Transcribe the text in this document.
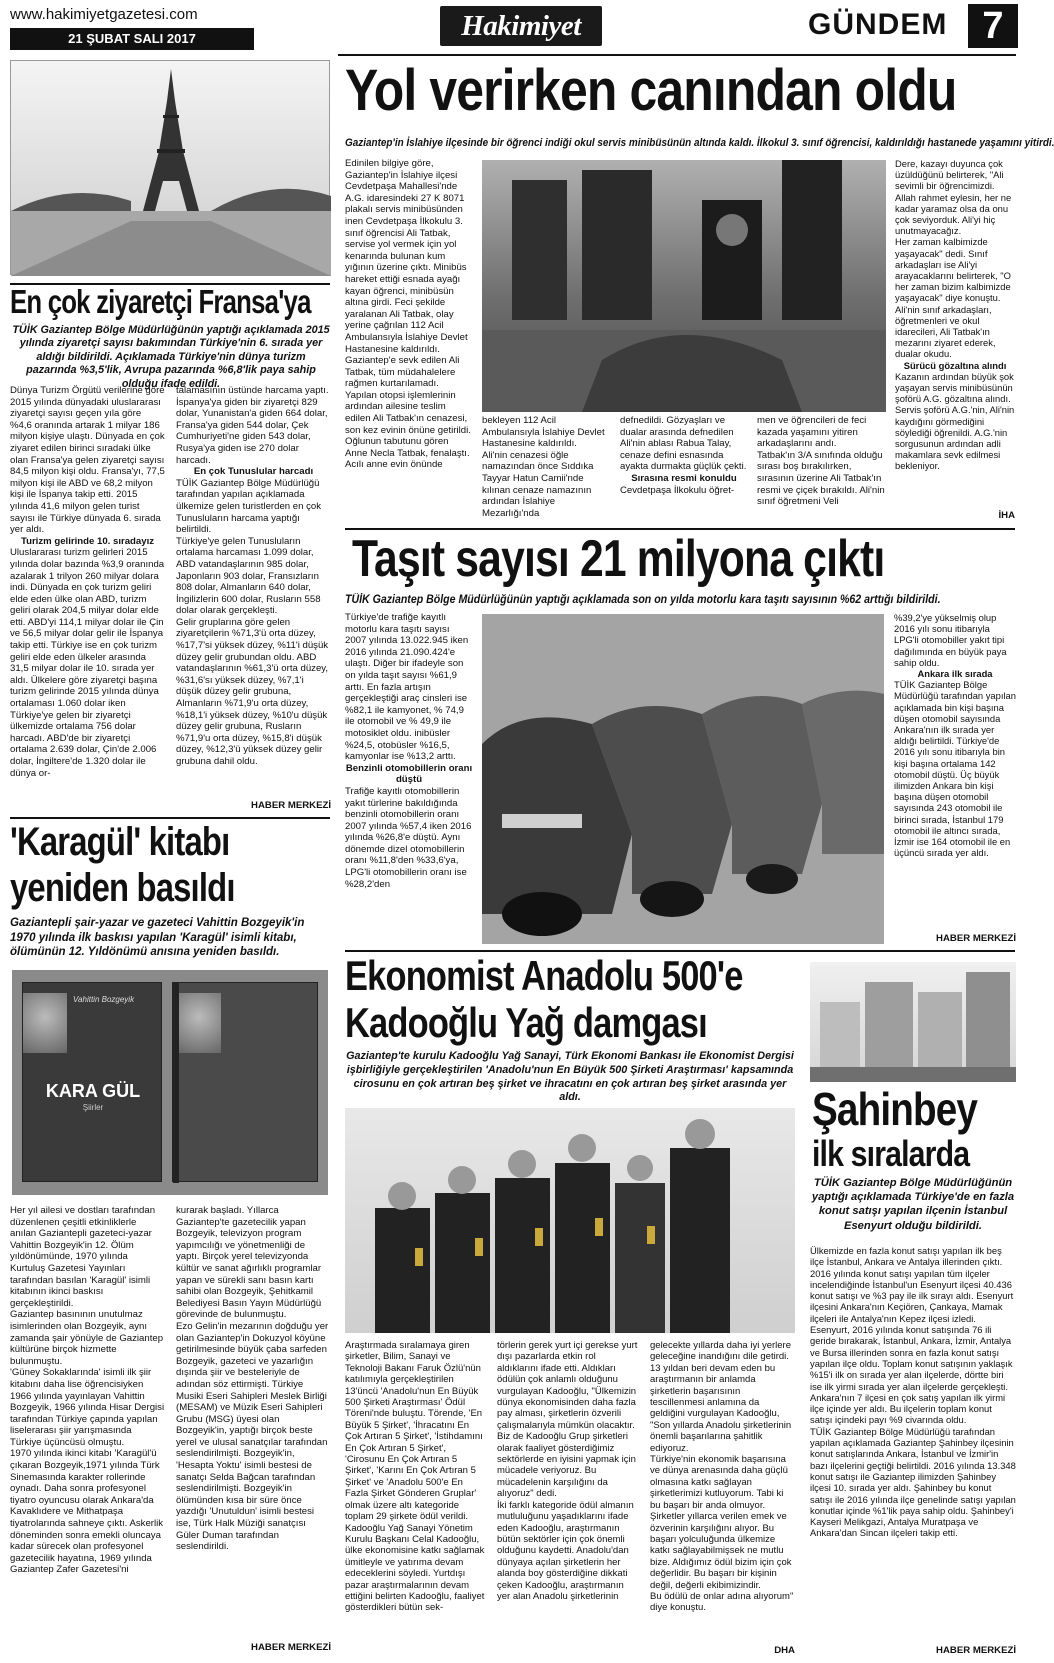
www.hakimiyetgazetesi.com
21 ŞUBAT SALI 2017	Hakimiyet	GÜNDEM 7
En çok ziyaretçi Fransa'ya
TÜİK Gaziantep Bölge Müdürlüğünün yaptığı açıklamada 2015 yılında ziyaretçi sayısı bakımından Türkiye'nin 6. sırada yer aldığı bildirildi. Açıklamada Türkiye'nin dünya turizm pazarında %3,5'lik, Avrupa pazarında %6,8'lik paya sahip olduğu ifade edildi.

Dünya Turizm Örgütü verilerine göre 2015 yılında dünyadaki uluslararası ziyaretçi sayısı geçen yıla göre %4,6 oranında artarak 1 milyar 186 milyon kişiye ulaştı. Dünyada en çok ziyaret edilen birinci sıradaki ülke olan Fransa'ya gelen ziyaretçi sayısı 84,5 milyon kişi oldu. Fransa'yı, 77,5 milyon kişi ile ABD ve 68,2 milyon kişi ile İspanya takip etti. 2015 yılında 41,6 milyon gelen turist sayısı ile Türkiye dünyada 6. sırada yer aldı.

Turizm gelirinde 10. sıradayız

Uluslararası turizm gelirleri 2015 yılında dolar bazında %3,9 oranında azalarak 1 trilyon 260 milyar dolara indi. Dünyada en çok turizm geliri elde eden ülke olan ABD, turizm geliri olarak 204,5 milyar dolar elde etti. ABD'yi 114,1 milyar dolar ile Çin ve 56,5 milyar dolar gelir ile İspanya takip etti. Türkiye ise en çok turizm geliri elde eden ülkeler arasında 31,5 milyar dolar ile 10. sırada yer aldı. Ülkelere göre ziyaretçi başına turizm gelirinde 2015 yılında dünya ortalaması 1.060 dolar iken Türkiye'ye gelen bir ziyaretçi ülkemizde ortalama 756 dolar harcadı. ABD'de bir ziyaretçi ortalama 2.639 dolar, Çin'de 2.006 dolar, İngiltere'de 1.320 dolar ile dünya or-

talamasının üstünde harcama yaptı. İspanya'ya giden bir ziyaretçi 829 dolar, Yunanistan'a giden 664 dolar, Fransa'ya giden 544 dolar, Çek Cumhuriyeti'ne giden 543 dolar, Rusya'ya giden ise 270 dolar harcadı.

En çok Tunuslular harcadı

TÜİK Gaziantep Bölge Müdürlüğü tarafından yapılan açıklamada ülkemize gelen turistlerden en çok Tunusluların harcama yaptığı belirtildi.
Türkiye'ye gelen Tunusluların ortalama harcaması 1.099 dolar, ABD vatandaşlarının 985 dolar, Japonların 903 dolar, Fransızların 808 dolar, Almanların 640 dolar, İngilizlerin 600 dolar, Rusların 558 dolar olarak gerçekleşti.
Gelir gruplarına göre gelen ziyaretçilerin %71,3'ü orta düzey, %17,7'si yüksek düzey, %11'i düşük düzey gelir grubundan oldu. ABD vatandaşlarının %61,3'ü orta düzey, %31,6'sı yüksek düzey, %7,1'i düşük düzey gelir grubuna, Almanların %71,9'u orta düzey, %18,1'i yüksek düzey, %10'u düşük düzey gelir grubuna, Rusların %71,9'u orta düzey, %15,8'i düşük düzey, %12,3'ü yüksek düzey gelir grubuna dahil oldu.

HABER MERKEZİ
'Karagül' kitabı
yeniden basıldı
Gaziantepli şair-yazar ve gazeteci Vahittin Bozgeyik'in 1970 yılında ilk baskısı yapılan 'Karagül' isimli kitabı, ölümünün 12. Yıldönümü anısına yeniden basıldı.
Vahittin Bozgeyik
KARA GÜL
Şiirler

Her yıl ailesi ve dostları tarafından düzenlenen çeşitli etkinliklerle anılan Gaziantepli gazeteci-yazar Vahittin Bozgeyik'in 12. Ölüm yıldönümünde, 1970 yılında Kurtuluş Gazetesi Yayınları tarafından basılan 'Karagül' isimli kitabının ikinci baskısı gerçekleştirildi.
Gaziantep basınının unutulmaz isimlerinden olan Bozgeyik, aynı zamanda şair yönüyle de Gaziantep kültürüne birçok hizmette bulunmuştu.
'Güney Sokaklarında' isimli ilk şiir kitabını daha lise öğrencisiyken 1966 yılında yayınlayan Vahittin Bozgeyik, 1966 yılında Hisar Dergisi tarafından Türkiye çapında yapılan liselerarası şiir yarışmasında Türkiye üçüncüsü olmuştu.
1970 yılında ikinci kitabı 'Karagül'ü çıkaran Bozgeyik,1971 yılında Türk Sinemasında karakter rollerinde oynadı. Daha sonra profesyonel tiyatro oyuncusu olarak Ankara'da Kavaklıdere ve Mithatpaşa tiyatrolarında sahneye çıktı. Askerlik döneminden sonra emekli oluncaya kadar sürecek olan profesyonel gazetecilik hayatına, 1969 yılında Gaziantep Zafer Gazetesi'ni

kurarak başladı. Yıllarca Gaziantep'te gazetecilik yapan Bozgeyik, televizyon program yapımcılığı ve yönetmenliği de yaptı. Birçok yerel televizyonda kültür ve sanat ağırlıklı programlar yapan ve sürekli sanı basın kartı sahibi olan Bozgeyik, Şehitkamil Belediyesi Basın Yayın Müdürlüğü görevinde de bulunmuştu.
Ezo Gelin'in mezarının doğduğu yer olan Gaziantep'in Dokuzyol köyüne getirilmesinde büyük çaba sarfeden Bozgeyik, gazeteci ve yazarlığın dışında şiir ve besteleriyle de adından söz ettirmişti. Türkiye Musiki Eseri Sahipleri Meslek Birliği (MESAM) ve Müzik Eseri Sahipleri Grubu (MSG) üyesi olan Bozgeyik'in, yaptığı birçok beste yerel ve ulusal sanatçılar tarafından seslendirilmişti. Bozgeyik'in, 'Hesapta Yoktu' isimli bestesi de sanatçı Selda Bağcan tarafından seslendirilmişti. Bozgeyik'in ölümünden kısa bir süre önce yazdığı 'Unutuldun' isimli bestesi ise, Türk Halk Müziği sanatçısı Güler Duman tarafından seslendirildi.

HABER MERKEZİ
Yol verirken canından oldu
Gaziantep'in İslahiye ilçesinde bir öğrenci indiği okul servis minibüsünün altında kaldı. İlkokul 3. sınıf öğrencisi, kaldırıldığı hastanede yaşamını yitirdi.

Edinilen bilgiye göre, Gaziantep'in İslahiye ilçesi Cevdetpaşa Mahallesi'nde A.G. idaresindeki 27 K 8071 plakalı servis minibüsünden inen Cevdetpaşa İlkokulu 3. sınıf öğrencisi Ali Tatbak, servise yol vermek için yol kenarında bulunan kum yığının üzerine çıktı. Minibüs hareket ettiği esnada ayağı kayan öğrenci, minibüsün altına girdi. Feci şekilde yaralanan Ali Tatbak, olay yerine çağrılan 112 Acil Ambulansıyla İslahiye Devlet Hastanesine kaldırıldı. Gaziantep'e sevk edilen Ali Tatbak, tüm müdahalelere rağmen kurtarılamadı.
Yapılan otopsi işlemlerinin ardından ailesine teslim edilen Ali Tatbak'ın cenazesi, son kez evinin önüne getirildi. Oğlunun tabutunu gören Anne Necla Tatbak, fenalaştı. Acılı anne evin önünde

bekleyen 112 Acil Ambulansıyla İslahiye Devlet Hastanesine kaldırıldı.
Ali'nin cenazesi öğle namazından önce Sıddıka Tayyar Hatun Camii'nde kılınan cenaze namazının ardından İslahiye Mezarlığı'nda

defnedildi. Gözyaşları ve dualar arasında defnedilen Ali'nin ablası Rabua Talay, cenaze defini esnasında ayakta durmakta güçlük çekti.

Sırasına resmi konuldu

Cevdetpaşa İlkokulu öğret-

men ve öğrencileri de feci kazada yaşamını yitiren arkadaşlarını andı.
Tatbak'ın 3/A sınıfında olduğu sırası boş bırakılırken, sırasının üzerine Ali Tatbak'ın resmi ve çiçek bırakıldı. Ali'nin sınıf öğretmeni Veli

Dere, kazayı duyunca çok üzüldüğünü belirterek, "Ali sevimli bir öğrencimizdi. Allah rahmet eylesin, her ne kadar yaramaz olsa da onu çok seviyorduk. Ali'yi hiç unutmayacağız.
Her zaman kalbimizde yaşayacak" dedi. Sınıf arkadaşları ise Ali'yi arayacaklarını belirterek, "O her zaman bizim kalbimizde yaşayacak" diye konuştu. Ali'nin sınıf arkadaşları, öğretmenleri ve okul idarecileri, Ali Tatbak'ın mezarını ziyaret ederek, dualar okudu.

Sürücü gözaltına alındı

Kazanın ardından büyük şok yaşayan servis minibüsünün şoförü A.G. gözaltına alındı. Servis şoförü A.G.'nin, Ali'nin kaydığını görmediğini söylediği öğrenildi. A.G.'nin sorgusunun ardından adli makamlara sevk edilmesi bekleniyor.

İHA
Taşıt sayısı 21 milyona çıktı
TÜİK Gaziantep Bölge Müdürlüğünün yaptığı açıklamada son on yılda motorlu kara taşıtı sayısının %62 arttığı bildirildi.

Türkiye'de trafiğe kayıtlı motorlu kara taşıtı sayısı 2007 yılında 13.022.945 iken 2016 yılında 21.090.424'e ulaştı. Diğer bir ifadeyle son on yılda taşıt sayısı %61,9 arttı. En fazla artışın gerçekleştiği araç cinsleri ise %82,1 ile kamyonet, % 74,9 ile otomobil ve % 49,9 ile motosiklet oldu. inibüsler %24,5, otobüsler %16,5, kamyonlar ise %13,2 arttı.

Benzinli otomobillerin oranı düştü

Trafiğe kayıtlı otomobillerin yakıt türlerine bakıldığında benzinli otomobillerin oranı 2007 yılında %57,4 iken 2016 yılında %26,8'e düştü. Aynı dönemde dizel otomobillerin oranı %11,8'den %33,6'ya, LPG'li otomobillerin oranı ise %28,2'den

%39,2'ye yükselmiş olup 2016 yılı sonu itibarıyla LPG'li otomobiller yakıt tipi dağılımında en büyük paya sahip oldu.

Ankara ilk sırada

TÜİK Gaziantep Bölge Müdürlüğü tarafından yapılan açıklamada bin kişi başına düşen otomobil sayısında Ankara'nın ilk sırada yer aldığı belirtildi. Türkiye'de 2016 yılı sonu itibarıyla bin kişi başına ortalama 142 otomobil düştü. Üç büyük ilimizden Ankara bin kişi başına düşen otomobil sayısında 243 otomobil ile birinci sırada, İstanbul 179 otomobil ile altıncı sırada, İzmir ise 164 otomobil ile en üçüncü sırada yer aldı.

HABER MERKEZİ
Ekonomist Anadolu 500'e
Kadooğlu Yağ damgası
Gaziantep'te kurulu Kadooğlu Yağ Sanayi, Türk Ekonomi Bankası ile Ekonomist Dergisi işbirliğiyle gerçekleştirilen 'Anadolu'nun En Büyük 500 Şirketi Araştırması' kapsamında cirosunu en çok artıran beş şirket ve ihracatını en çok artıran beş şirket arasında yer aldı.

Araştırmada sıralamaya giren şirketler, Bilim, Sanayi ve Teknoloji Bakanı Faruk Özlü'nün katılımıyla gerçekleştirilen 13'üncü 'Anadolu'nun En Büyük 500 Şirketi Araştırması' Ödül Töreni'nde buluştu. Törende, 'En Büyük 5 Şirket', 'İhracatını En Çok Artıran 5 Şirket', 'İstihdamını En Çok Artıran 5 Şirket', 'Cirosunu En Çok Artıran 5 Şirket', 'Karını En Çok Artıran 5 Şirket' ve 'Anadolu 500'e En Fazla Şirket Gönderen Gruplar' olmak üzere altı kategoride toplam 29 şirkete ödül verildi.
Kadooğlu Yağ Sanayi Yönetim Kurulu Başkanı Celal Kadooğlu, ülke ekonomisine katkı sağlamak ümitleyle ve yatırıma devam edeceklerini söyledi. Yurtdışı pazar araştırmalarının devam ettiğini belirten Kadooğlu, faaliyet gösterdikleri bütün sek-

törlerin gerek yurt içi gerekse yurt dışı pazarlarda etkin rol aldıklarını ifade etti. Aldıkları ödülün çok anlamlı olduğunu vurgulayan Kadooğlu, "Ülkemizin dünya ekonomisinden daha fazla pay alması, şirketlerin özverili çalışmalarıyla mümkün olacaktır.
Biz de Kadooğlu Grup şirketleri olarak faaliyet gösterdiğimiz sektörlerde en iyisini yapmak için mücadele veriyoruz. Bu mücadelenin karşılığını da alıyoruz" dedi.
İki farklı kategoride ödül almanın mutluluğunu yaşadıklarını ifade eden Kadooğlu, araştırmanın bütün sektörler için çok önemli olduğunu kaydetti. Anadolu'dan dünyaya açılan şirketlerin her alanda boy gösterdiğine dikkati çeken Kadooğlu, araştırmanın yer alan Anadolu şirketlerinin

gelecekte yıllarda daha iyi yerlere geleceğine inandığını dile getirdi. 13 yıldan beri devam eden bu araştırmanın bir anlamda şirketlerin başarısının tescillenmesi anlamına da geldiğini vurgulayan Kadooğlu, "Son yıllarda Anadolu şirketlerinin önemli başarılarına şahitlik ediyoruz.
Türkiye'nin ekonomik başarısına ve dünya arenasında daha güçlü olmasına katkı sağlayan şirketlerimizi kutluyorum. Tabi ki bu başarı bir anda olmuyor. Şirketler yıllarca verilen emek ve özverinin karşılığını alıyor. Bu başarı yolculuğunda ülkemize katkı sağlayabilmişsek ne mutlu bize. Aldığımız ödül bizim için çok değerlidir. Bu başarı bir kişinin değil, değerli ekibimizindir.
Bu ödülü de onlar adına alıyorum" diye konuştu.

DHA
Şahinbey
ilk sıralarda
TÜİK Gaziantep Bölge Müdürlüğünün yaptığı açıklamada Türkiye'de en fazla konut satışı yapılan ilçenin İstanbul Esenyurt olduğu bildirildi.

Ülkemizde en fazla konut satışı yapılan ilk beş ilçe İstanbul, Ankara ve Antalya illerinden çıktı. 2016 yılında konut satışı yapılan tüm ilçeler incelendiğinde İstanbul'un Esenyurt ilçesi 40.436 konut satışı ve %3 pay ile ilk sırayı aldı. Esenyurt ilçesini Ankara'nın Keçiören, Çankaya, Mamak ilçeleri ile Antalya'nın Kepez ilçesi izledi.
Esenyurt, 2016 yılında konut satışında 76 ili geride bırakarak, İstanbul, Ankara, İzmir, Antalya ve Bursa illerinden sonra en fazla konut satışı yapılan ilçe oldu. Toplam konut satışının yaklaşık %15'i ilk on sırada yer alan ilçelerde, dörtte biri ise ilk yirmi sırada yer alan ilçelerde gerçekleşti. Ankara'nın 7 ilçesi en çok satış yapılan ilk yirmi ilçe içinde yer aldı. Bu ilçelerin toplam konut satışı içindeki payı %9 civarında oldu.
TÜİK Gaziantep Bölge Müdürlüğü tarafından yapılan açıklamada Gaziantep Şahinbey ilçesinin konut satışlarında Ankara, İstanbul ve İzmir'in bazı ilçelerini geçtiği belirtildi. 2016 yılında 13.348 konut satışı ile Gaziantep ilimizden Şahinbey ilçesi 10. sırada yer aldı. Şahinbey bu konut satışı ile 2016 yılında ilçe genelinde satışı yapılan konutlar içinde %1'lik paya sahip oldu. Şahinbey'i Kayseri Melikgazi, Antalya Muratpaşa ve Ankara'dan Sincan ilçeleri takip etti.

HABER MERKEZİ
